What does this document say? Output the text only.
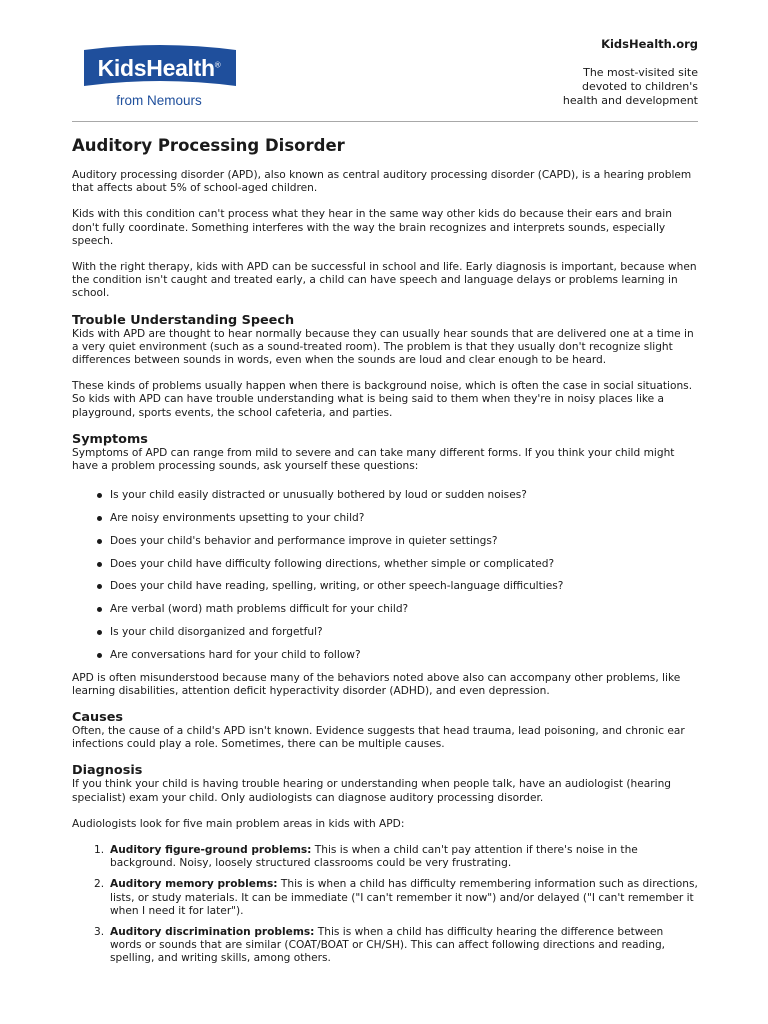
KidsHealth®
from Nemours
KidsHealth.org
The most-visited site
devoted to children's
health and development
Auditory Processing Disorder

Auditory processing disorder (APD), also known as central auditory processing disorder (CAPD), is a hearing problem that affects about 5% of school-aged children.

Kids with this condition can't process what they hear in the same way other kids do because their ears and brain don't fully coordinate. Something interferes with the way the brain recognizes and interprets sounds, especially speech.

With the right therapy, kids with APD can be successful in school and life. Early diagnosis is important, because when the condition isn't caught and treated early, a child can have speech and language delays or problems learning in school.

Trouble Understanding Speech

Kids with APD are thought to hear normally because they can usually hear sounds that are delivered one at a time in a very quiet environment (such as a sound-treated room). The problem is that they usually don't recognize slight differences between sounds in words, even when the sounds are loud and clear enough to be heard.

These kinds of problems usually happen when there is background noise, which is often the case in social situations. So kids with APD can have trouble understanding what is being said to them when they're in noisy places like a playground, sports events, the school cafeteria, and parties.

Symptoms

Symptoms of APD can range from mild to severe and can take many different forms. If you think your child might have a problem processing sounds, ask yourself these questions:

Is your child easily distracted or unusually bothered by loud or sudden noises?
Are noisy environments upsetting to your child?
Does your child's behavior and performance improve in quieter settings?
Does your child have difficulty following directions, whether simple or complicated?
Does your child have reading, spelling, writing, or other speech-language difficulties?
Are verbal (word) math problems difficult for your child?
Is your child disorganized and forgetful?
Are conversations hard for your child to follow?

APD is often misunderstood because many of the behaviors noted above also can accompany other problems, like learning disabilities, attention deficit hyperactivity disorder (ADHD), and even depression.

Causes

Often, the cause of a child's APD isn't known. Evidence suggests that head trauma, lead poisoning, and chronic ear infections could play a role. Sometimes, there can be multiple causes.

Diagnosis

If you think your child is having trouble hearing or understanding when people talk, have an audiologist (hearing specialist) exam your child. Only audiologists can diagnose auditory processing disorder.

Audiologists look for five main problem areas in kids with APD:

1. Auditory figure-ground problems: This is when a child can't pay attention if there's noise in the background. Noisy, loosely structured classrooms could be very frustrating.
2. Auditory memory problems: This is when a child has difficulty remembering information such as directions, lists, or study materials. It can be immediate ("I can't remember it now") and/or delayed ("I can't remember it when I need it for later").
3. Auditory discrimination problems: This is when a child has difficulty hearing the difference between words or sounds that are similar (COAT/BOAT or CH/SH). This can affect following directions and reading, spelling, and writing skills, among others.
